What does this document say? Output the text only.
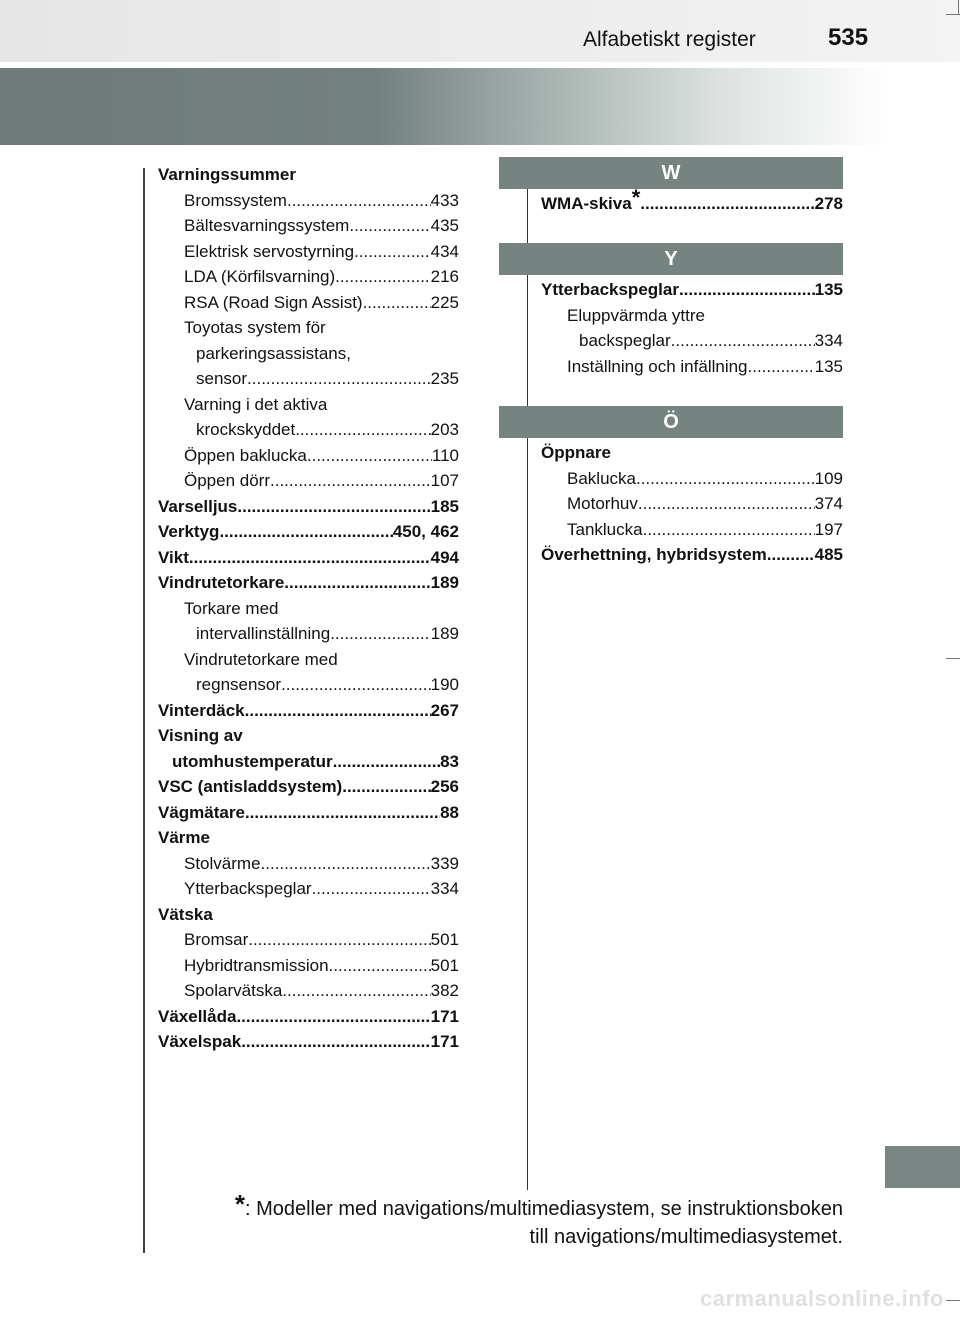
Alfabetiskt register	535
Varningssummer
Bromssystem .....	433
Bältesvarningssystem .....	435
Elektrisk servostyrning .....	434
LDA (Körfilsvarning) .....	216
RSA (Road Sign Assist) .....	225
Toyotas system för
parkeringsassistans,
sensor .....	235
Varning i det aktiva
krockskyddet .....	203
Öppen baklucka .....	110
Öppen dörr .....	107
Varselljus .....	185
Verktyg .....	450, 462
Vikt .....	494
Vindrutetorkare .....	189
Torkare med
intervallinställning .....	189
Vindrutetorkare med
regnsensor .....	190
Vinterdäck .....	267
Visning av
utomhustemperatur .....	83
VSC (antisladdsystem) .....	256
Vägmätare .....	88
Värme
Stolvärme .....	339
Ytterbackspeglar .....	334
Vätska
Bromsar .....	501
Hybridtransmission .....	501
Spolarvätska .....	382
Växellåda .....	171
Växelspak .....	171
W
WMA-skiva* .....	278
Y
Ytterbackspeglar .....	135
Eluppvärmda yttre
backspeglar .....	334
Inställning och infällning .....	135
Ö
Öppnare
Baklucka .....	109
Motorhuv .....	374
Tanklucka .....	197
Överhettning, hybridsystem .....	485
*: Modeller med navigations/multimediasystem, se instruktionsboken
till navigations/multimediasystemet.
carmanualsonline.info
